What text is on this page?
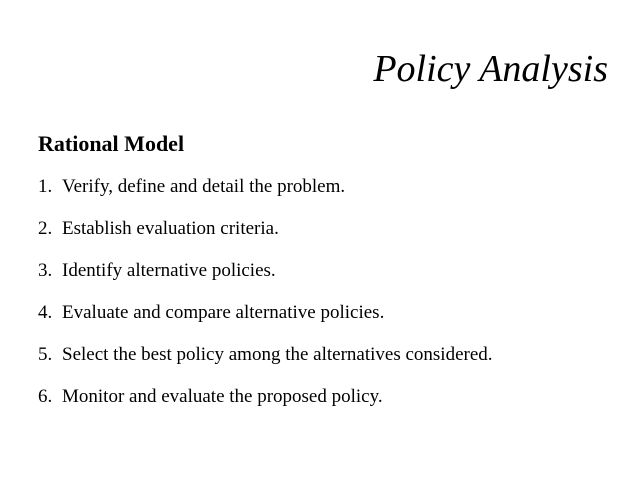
Policy Analysis
Rational Model
1. Verify, define and detail the problem.
2. Establish evaluation criteria.
3. Identify alternative policies.
4. Evaluate and compare alternative policies.
5. Select the best policy among the alternatives considered.
6. Monitor and evaluate the proposed policy.
